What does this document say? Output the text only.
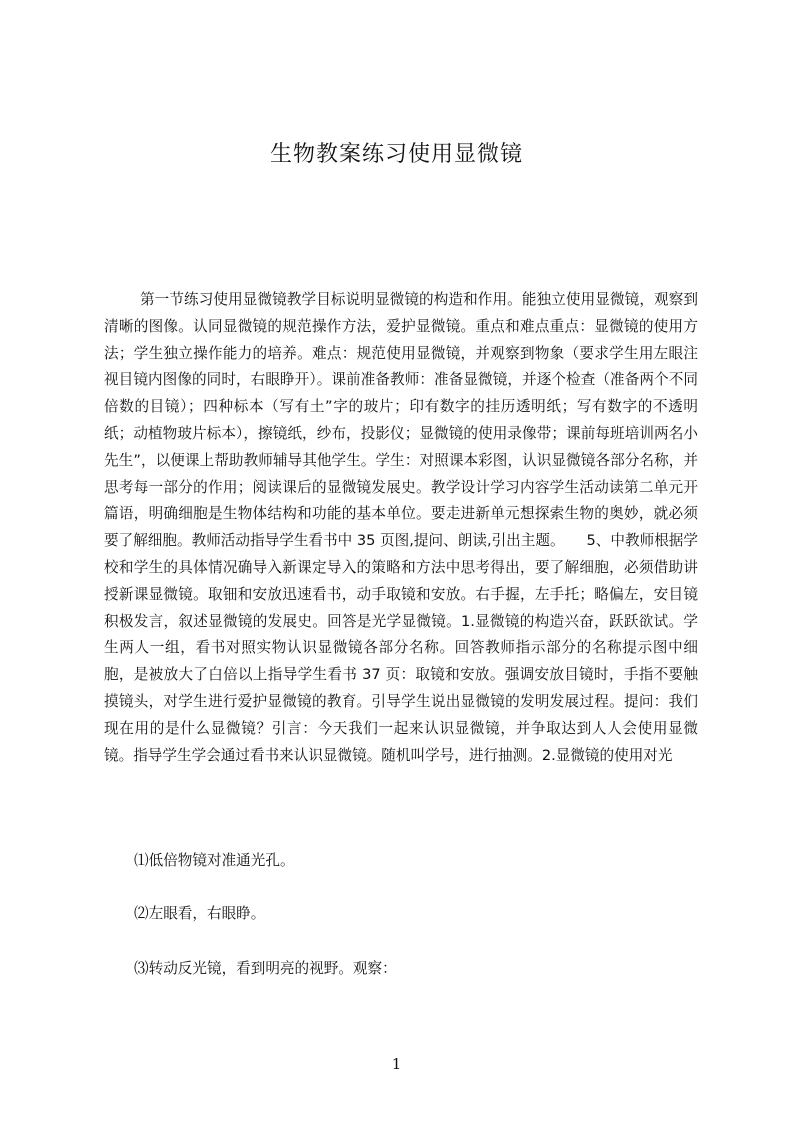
生物教案练习使用显微镜

第一节练习使用显微镜教学目标说明显微镜的构造和作用。能独立使用显微镜，观察到清晰的图像。认同显微镜的规范操作方法，爱护显微镜。重点和难点重点：显微镜的使用方法；学生独立操作能力的培养。难点：规范使用显微镜，并观察到物象（要求学生用左眼注视目镜内图像的同时，右眼睁开）。课前准备教师：准备显微镜，并逐个检查（准备两个不同倍数的目镜）；四种标本（写有土”字的玻片；印有数字的挂历透明纸；写有数字的不透明纸；动植物玻片标本），擦镜纸，纱布，投影仪；显微镜的使用录像带；课前每班培训两名小先生”，以便课上帮助教师辅导其他学生。学生：对照课本彩图，认识显微镜各部分名称，并思考每一部分的作用；阅读课后的显微镜发展史。教学设计学习内容学生活动读第二单元开篇语，明确细胞是生物体结构和功能的基本单位。要走进新单元想探索生物的奥妙，就必须要了解细胞。教师活动指导学生看书中 35 页图,提问、朗读,引出主题。　　5、中教师根据学校和学生的具体情况确导入新课定导入的策略和方法中思考得出，要了解细胞，必须借助讲授新课显微镜。取钿和安放迅速看书，动手取镜和安放。右手握，左手托；略偏左，安目镜积极发言，叙述显微镜的发展史。回答是光学显微镜。1.显微镜的构造兴奋，跃跃欲试。学生两人一组，看书对照实物认识显微镜各部分名称。回答教师指示部分的名称提示图中细胞，是被放大了白倍以上指导学生看书 37 页：取镜和安放。强调安放目镜时，手指不要触摸镜头，对学生进行爱护显微镜的教育。引导学生说出显微镜的发明发展过程。提问：我们现在用的是什么显微镜？引言：今天我们一起来认识显微镜，并争取达到人人会使用显微镜。指导学生学会通过看书来认识显微镜。随机叫学号，进行抽测。2.显微镜的使用对光

⑴低倍物镜对准通光孔。

⑵左眼看，右眼睁。

⑶转动反光镜，看到明亮的视野。观察：

1
